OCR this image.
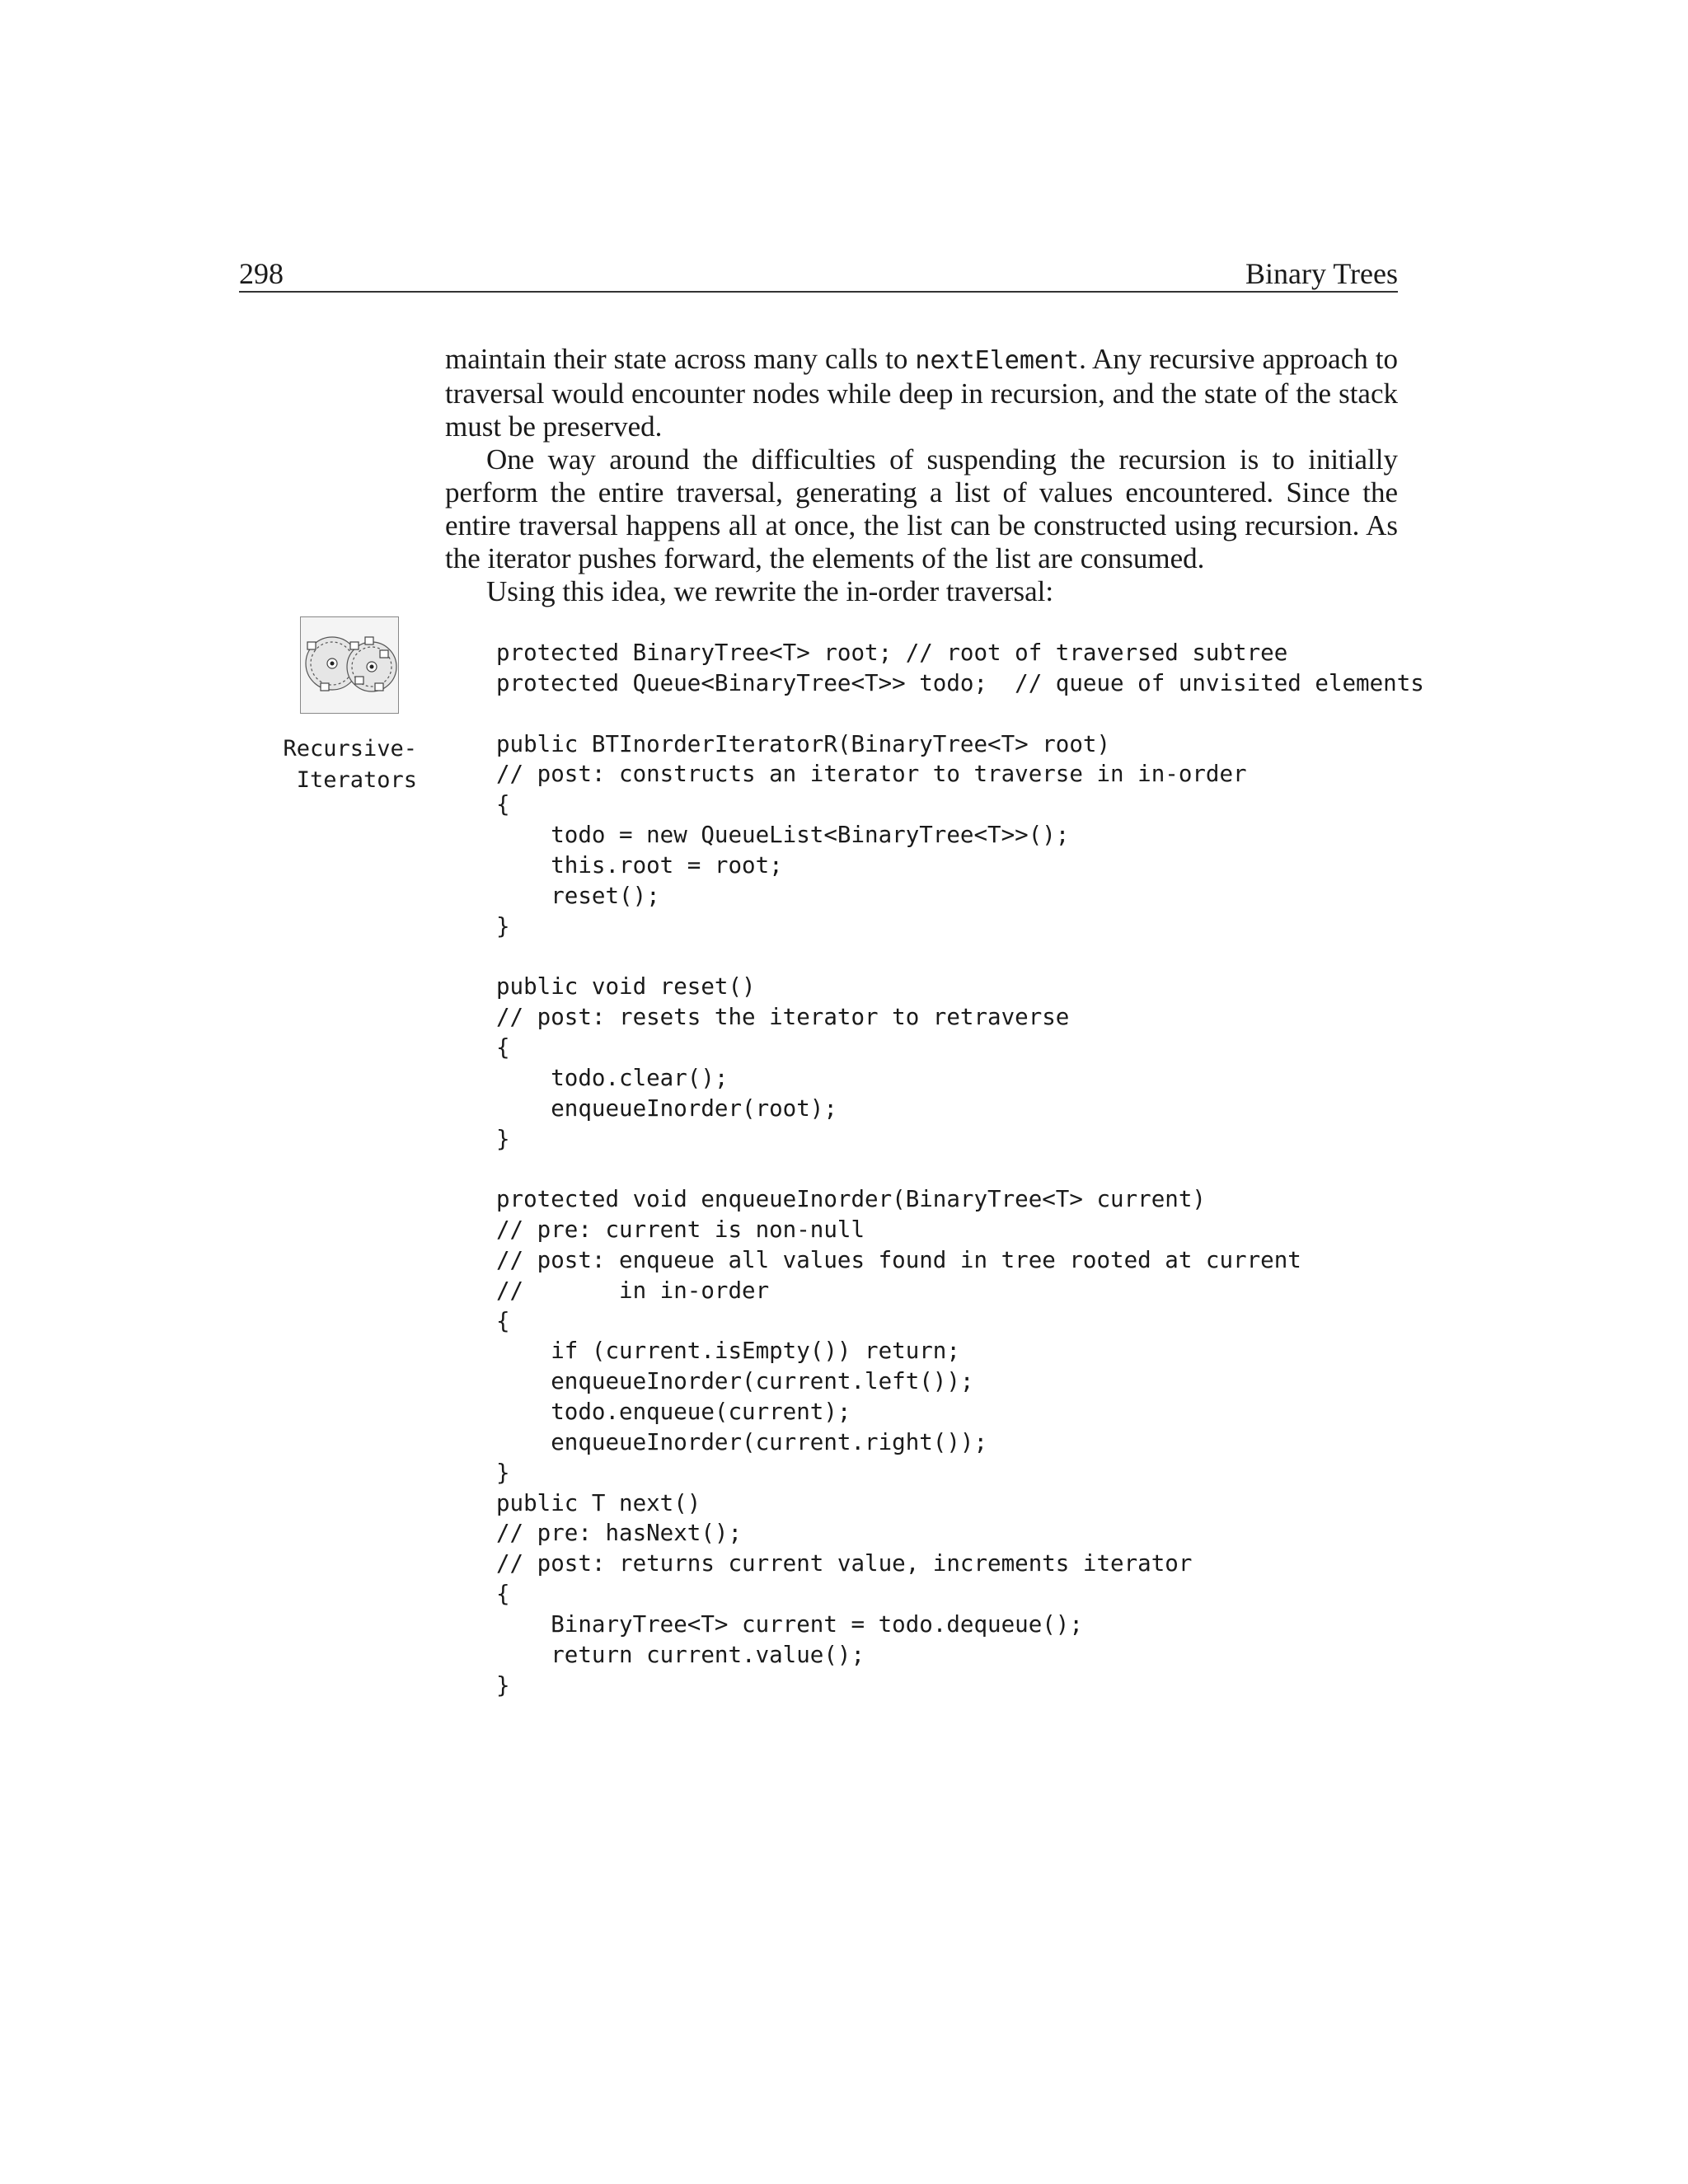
298	Binary Trees

maintain their state across many calls to nextElement. Any recursive approach to traversal would encounter nodes while deep in recursion, and the state of the stack must be preserved.

One way around the difficulties of suspending the recursion is to initially perform the entire traversal, generating a list of values encountered. Since the entire traversal happens all at once, the list can be constructed using recursion. As the iterator pushes forward, the elements of the list are consumed.

Using this idea, we rewrite the in-order traversal:

Recursive-
Iterators
protected BinaryTree<T> root; // root of traversed subtree
protected Queue<BinaryTree<T>> todo;  // queue of unvisited elements
public BTInorderIteratorR(BinaryTree<T> root)
// post: constructs an iterator to traverse in in-order
{
todo = new QueueList<BinaryTree<T>>();
this.root = root;
reset();
}
public void reset()
// post: resets the iterator to retraverse
{
todo.clear();
enqueueInorder(root);
}
protected void enqueueInorder(BinaryTree<T> current)
// pre: current is non-null
// post: enqueue all values found in tree rooted at current
//       in in-order
{
if (current.isEmpty()) return;
enqueueInorder(current.left());
todo.enqueue(current);
enqueueInorder(current.right());
}
public T next()
// pre: hasNext();
// post: returns current value, increments iterator
{
BinaryTree<T> current = todo.dequeue();
return current.value();
}
